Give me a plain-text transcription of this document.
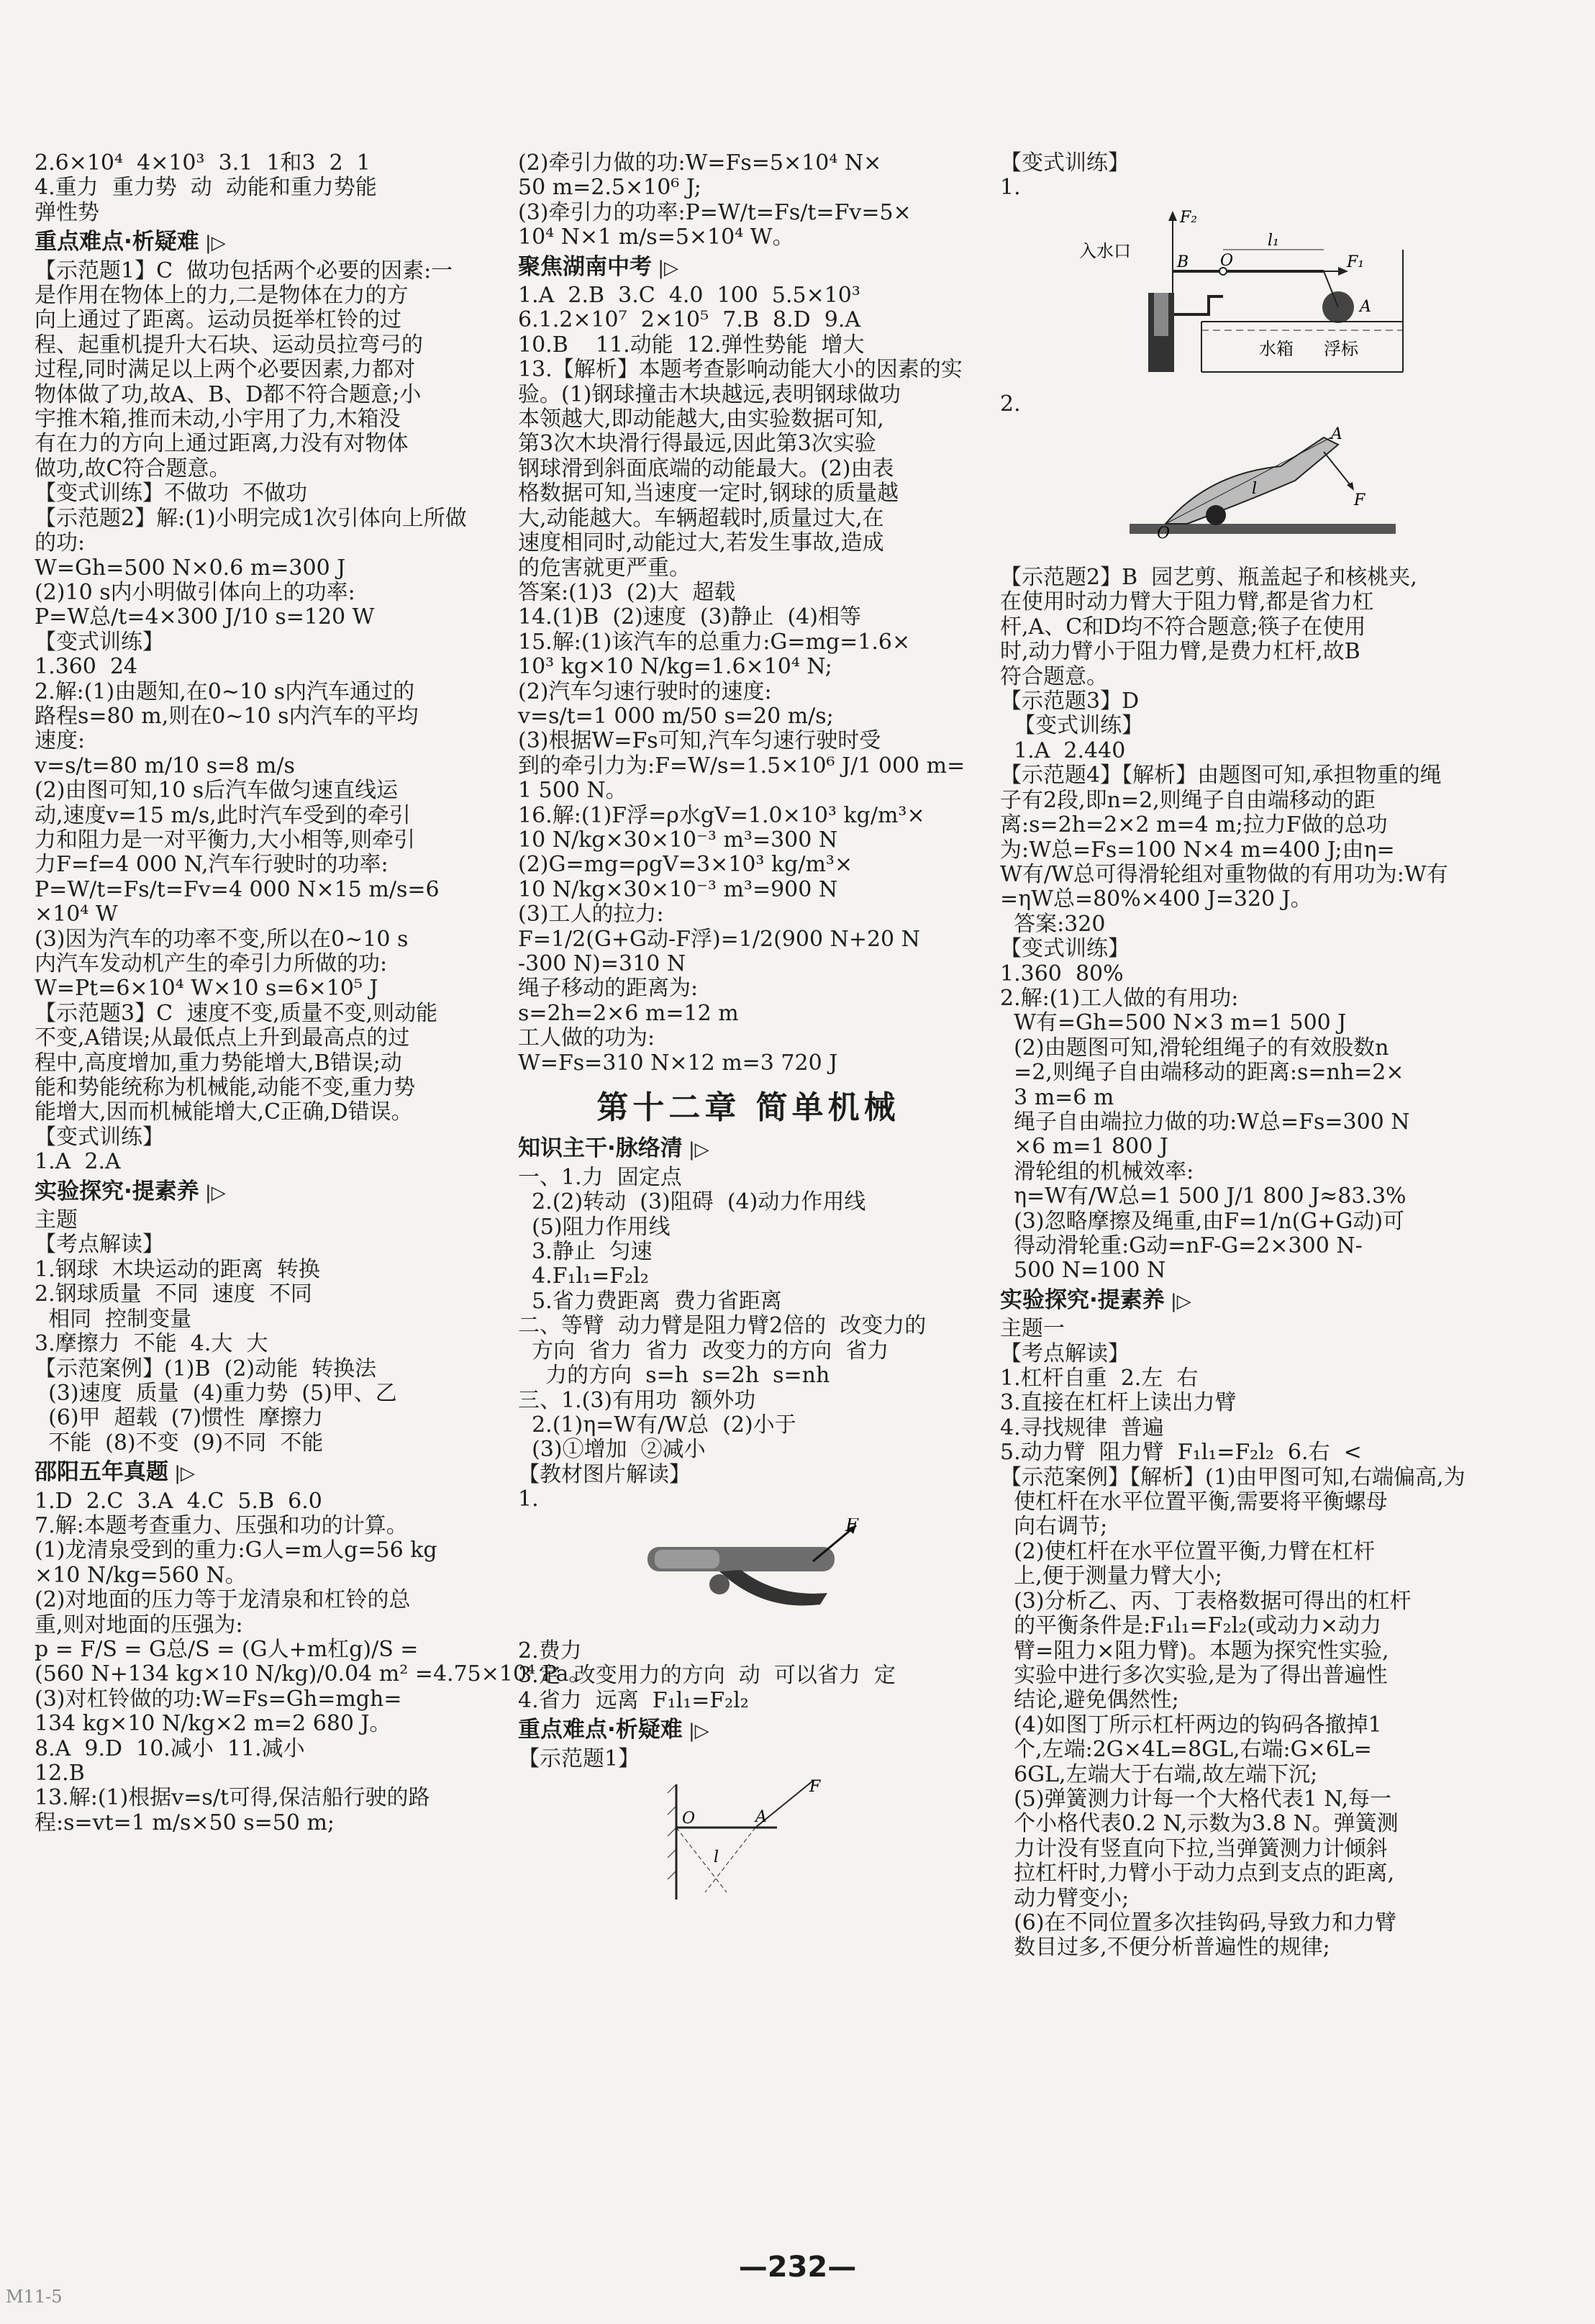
2.6×10⁴  4×10³  3.1  1和3  2  1
4.重力  重力势  动  动能和重力势能
弹性势
重点难点·析疑难 |▷
【示范题1】C  做功包括两个必要的因素:一
是作用在物体上的力,二是物体在力的方
向上通过了距离。运动员挺举杠铃的过
程、起重机提升大石块、运动员拉弯弓的
过程,同时满足以上两个必要因素,力都对
物体做了功,故A、B、D都不符合题意;小
宇推木箱,推而未动,小宇用了力,木箱没
有在力的方向上通过距离,力没有对物体
做功,故C符合题意。
【变式训练】不做功  不做功
【示范题2】解:(1)小明完成1次引体向上所做
的功:
W=Gh=500 N×0.6 m=300 J
(2)10 s内小明做引体向上的功率:
P=W总/t=4×300 J/10 s=120 W
【变式训练】
1.360  24
2.解:(1)由题知,在0~10 s内汽车通过的
路程s=80 m,则在0~10 s内汽车的平均
速度:
v=s/t=80 m/10 s=8 m/s
(2)由图可知,10 s后汽车做匀速直线运
动,速度v=15 m/s,此时汽车受到的牵引
力和阻力是一对平衡力,大小相等,则牵引
力F=f=4 000 N,汽车行驶时的功率:
P=W/t=Fs/t=Fv=4 000 N×15 m/s=6
×10⁴ W
(3)因为汽车的功率不变,所以在0~10 s
内汽车发动机产生的牵引力所做的功:
W=Pt=6×10⁴ W×10 s=6×10⁵ J
【示范题3】C  速度不变,质量不变,则动能
不变,A错误;从最低点上升到最高点的过
程中,高度增加,重力势能增大,B错误;动
能和势能统称为机械能,动能不变,重力势
能增大,因而机械能增大,C正确,D错误。
【变式训练】
1.A  2.A
实验探究·提素养 |▷
主题
【考点解读】
1.钢球  木块运动的距离  转换
2.钢球质量  不同  速度  不同
相同  控制变量
3.摩擦力  不能  4.大  大
【示范案例】(1)B  (2)动能  转换法
(3)速度  质量  (4)重力势  (5)甲、乙
(6)甲  超载  (7)惯性  摩擦力
不能  (8)不变  (9)不同  不能
邵阳五年真题 |▷
1.D  2.C  3.A  4.C  5.B  6.0
7.解:本题考查重力、压强和功的计算。
(1)龙清泉受到的重力:G人=m人g=56 kg
×10 N/kg=560 N。
(2)对地面的压力等于龙清泉和杠铃的总
重,则对地面的压强为:
p = F/S = G总/S = (G人+m杠g)/S =
(560 N+134 kg×10 N/kg)/0.04 m² =4.75×10⁴ Pa。
(3)对杠铃做的功:W=Fs=Gh=mgh=
134 kg×10 N/kg×2 m=2 680 J。
8.A  9.D  10.减小  11.减小
12.B
13.解:(1)根据v=s/t可得,保洁船行驶的路
程:s=vt=1 m/s×50 s=50 m;
(2)牵引力做的功:W=Fs=5×10⁴ N×
50 m=2.5×10⁶ J;
(3)牵引力的功率:P=W/t=Fs/t=Fv=5×
10⁴ N×1 m/s=5×10⁴ W。
聚焦湖南中考 |▷
1.A  2.B  3.C  4.0  100  5.5×10³
6.1.2×10⁷  2×10⁵  7.B  8.D  9.A
10.B    11.动能  12.弹性势能  增大
13.【解析】本题考查影响动能大小的因素的实
验。(1)钢球撞击木块越远,表明钢球做功
本领越大,即动能越大,由实验数据可知,
第3次木块滑行得最远,因此第3次实验
钢球滑到斜面底端的动能最大。(2)由表
格数据可知,当速度一定时,钢球的质量越
大,动能越大。车辆超载时,质量过大,在
速度相同时,动能过大,若发生事故,造成
的危害就更严重。
答案:(1)3  (2)大  超载
14.(1)B  (2)速度  (3)静止  (4)相等
15.解:(1)该汽车的总重力:G=mg=1.6×
10³ kg×10 N/kg=1.6×10⁴ N;
(2)汽车匀速行驶时的速度:
v=s/t=1 000 m/50 s=20 m/s;
(3)根据W=Fs可知,汽车匀速行驶时受
到的牵引力为:F=W/s=1.5×10⁶ J/1 000 m=
1 500 N。
16.解:(1)F浮=ρ水gV=1.0×10³ kg/m³×
10 N/kg×30×10⁻³ m³=300 N
(2)G=mg=ρgV=3×10³ kg/m³×
10 N/kg×30×10⁻³ m³=900 N
(3)工人的拉力:
F=1/2(G+G动-F浮)=1/2(900 N+20 N
-300 N)=310 N
绳子移动的距离为:
s=2h=2×6 m=12 m
工人做的功为:
W=Fs=310 N×12 m=3 720 J
第十二章 简单机械
知识主干·脉络清 |▷
一、1.力  固定点
2.(2)转动  (3)阻碍  (4)动力作用线
(5)阻力作用线
3.静止  匀速
4.F₁l₁=F₂l₂
5.省力费距离  费力省距离
二、等臂  动力臂是阻力臂2倍的  改变力的
方向  省力  省力  改变力的方向  省力
力的方向  s=h  s=2h  s=nh
三、1.(3)有用功  额外功
2.(1)η=W有/W总  (2)小于
(3)①增加  ②减小
【教材图片解读】
1.
F
2.费力
3.定  改变用力的方向  动  可以省力  定
4.省力  远离  F₁l₁=F₂l₂
重点难点·析疑难 |▷
【示范题1】
O	A
F
l
【变式训练】
1.
F₂
B O
l₁
F₁
A
入水口
水箱 浮标
2.
A
l
F
O
【示范题2】B  园艺剪、瓶盖起子和核桃夹,
在使用时动力臂大于阻力臂,都是省力杠
杆,A、C和D均不符合题意;筷子在使用
时,动力臂小于阻力臂,是费力杠杆,故B
符合题意。
【示范题3】D
【变式训练】
1.A  2.440
【示范题4】【解析】由题图可知,承担物重的绳
子有2段,即n=2,则绳子自由端移动的距
离:s=2h=2×2 m=4 m;拉力F做的总功
为:W总=Fs=100 N×4 m=400 J;由η=
W有/W总可得滑轮组对重物做的有用功为:W有
=ηW总=80%×400 J=320 J。
答案:320
【变式训练】
1.360  80%
2.解:(1)工人做的有用功:
W有=Gh=500 N×3 m=1 500 J
(2)由题图可知,滑轮组绳子的有效股数n
=2,则绳子自由端移动的距离:s=nh=2×
3 m=6 m
绳子自由端拉力做的功:W总=Fs=300 N
×6 m=1 800 J
滑轮组的机械效率:
η=W有/W总=1 500 J/1 800 J≈83.3%
(3)忽略摩擦及绳重,由F=1/n(G+G动)可
得动滑轮重:G动=nF-G=2×300 N-
500 N=100 N
实验探究·提素养 |▷
主题一
【考点解读】
1.杠杆自重  2.左  右
3.直接在杠杆上读出力臂
4.寻找规律  普遍
5.动力臂  阻力臂  F₁l₁=F₂l₂  6.右  <
【示范案例】【解析】(1)由甲图可知,右端偏高,为
使杠杆在水平位置平衡,需要将平衡螺母
向右调节;
(2)使杠杆在水平位置平衡,力臂在杠杆
上,便于测量力臂大小;
(3)分析乙、丙、丁表格数据可得出的杠杆
的平衡条件是:F₁l₁=F₂l₂(或动力×动力
臂=阻力×阻力臂)。本题为探究性实验,
实验中进行多次实验,是为了得出普遍性
结论,避免偶然性;
(4)如图丁所示杠杆两边的钩码各撤掉1
个,左端:2G×4L=8GL,右端:G×6L=
6GL,左端大于右端,故左端下沉;
(5)弹簧测力计每一个大格代表1 N,每一
个小格代表0.2 N,示数为3.8 N。弹簧测
力计没有竖直向下拉,当弹簧测力计倾斜
拉杠杆时,力臂小于动力点到支点的距离,
动力臂变小;
(6)在不同位置多次挂钩码,导致力和力臂
数目过多,不便分析普遍性的规律;
—232—
M11-5
